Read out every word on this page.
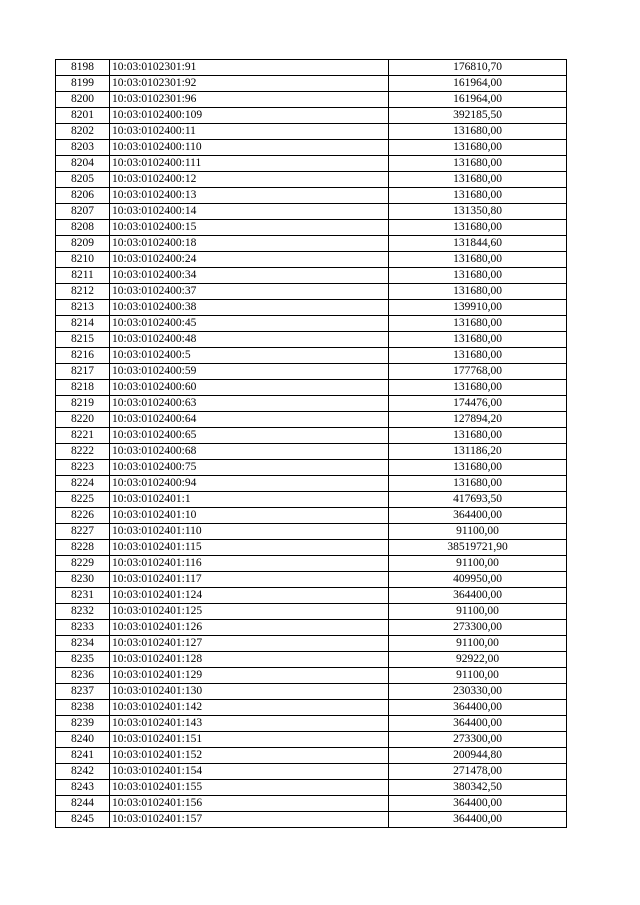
8198	10:03:0102301:91	176810,70
8199	10:03:0102301:92	161964,00
8200	10:03:0102301:96	161964,00
8201	10:03:0102400:109	392185,50
8202	10:03:0102400:11	131680,00
8203	10:03:0102400:110	131680,00
8204	10:03:0102400:111	131680,00
8205	10:03:0102400:12	131680,00
8206	10:03:0102400:13	131680,00
8207	10:03:0102400:14	131350,80
8208	10:03:0102400:15	131680,00
8209	10:03:0102400:18	131844,60
8210	10:03:0102400:24	131680,00
8211	10:03:0102400:34	131680,00
8212	10:03:0102400:37	131680,00
8213	10:03:0102400:38	139910,00
8214	10:03:0102400:45	131680,00
8215	10:03:0102400:48	131680,00
8216	10:03:0102400:5	131680,00
8217	10:03:0102400:59	177768,00
8218	10:03:0102400:60	131680,00
8219	10:03:0102400:63	174476,00
8220	10:03:0102400:64	127894,20
8221	10:03:0102400:65	131680,00
8222	10:03:0102400:68	131186,20
8223	10:03:0102400:75	131680,00
8224	10:03:0102400:94	131680,00
8225	10:03:0102401:1	417693,50
8226	10:03:0102401:10	364400,00
8227	10:03:0102401:110	91100,00
8228	10:03:0102401:115	38519721,90
8229	10:03:0102401:116	91100,00
8230	10:03:0102401:117	409950,00
8231	10:03:0102401:124	364400,00
8232	10:03:0102401:125	91100,00
8233	10:03:0102401:126	273300,00
8234	10:03:0102401:127	91100,00
8235	10:03:0102401:128	92922,00
8236	10:03:0102401:129	91100,00
8237	10:03:0102401:130	230330,00
8238	10:03:0102401:142	364400,00
8239	10:03:0102401:143	364400,00
8240	10:03:0102401:151	273300,00
8241	10:03:0102401:152	200944,80
8242	10:03:0102401:154	271478,00
8243	10:03:0102401:155	380342,50
8244	10:03:0102401:156	364400,00
8245	10:03:0102401:157	364400,00
